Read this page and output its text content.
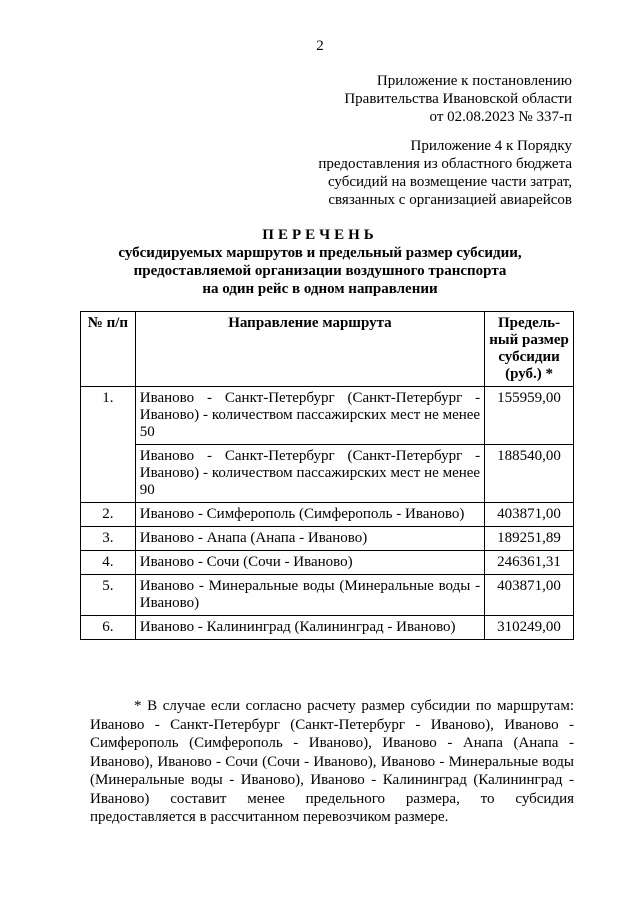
2
Приложение к постановлению
Правительства Ивановской области
от 02.08.2023 № 337-п
Приложение 4 к Порядку
предоставления из областного бюджета
субсидий на возмещение части затрат,
связанных с организацией авиарейсов
ПЕРЕЧЕНЬ
субсидируемых маршрутов и предельный размер субсидии,
предоставляемой организации воздушного транспорта
на один рейс в одном направлении
№ п/п	Направление маршрута	Предель-ный размер субсидии (руб.) *
1.	Иваново - Санкт-Петербург (Санкт-Петербург - Иваново) - количеством пассажирских мест не менее 50	155959,00
	Иваново - Санкт-Петербург (Санкт-Петербург - Иваново) - количеством пассажирских мест не менее 90	188540,00
2.	Иваново - Симферополь (Симферополь - Иваново)	403871,00
3.	Иваново - Анапа (Анапа - Иваново)	189251,89
4.	Иваново - Сочи (Сочи - Иваново)	246361,31
5.	Иваново - Минеральные воды (Минеральные воды - Иваново)	403871,00
6.	Иваново - Калининград (Калининград - Иваново)	310249,00
* В случае если согласно расчету размер субсидии по маршрутам: Иваново - Санкт-Петербург (Санкт-Петербург - Иваново), Иваново - Симферополь (Симферополь - Иваново), Иваново - Анапа (Анапа - Иваново), Иваново - Сочи (Сочи - Иваново), Иваново - Минеральные воды (Минеральные воды - Иваново), Иваново - Калининград (Калининград - Иваново) составит менее предельного размера, то субсидия предоставляется в рассчитанном перевозчиком размере.
